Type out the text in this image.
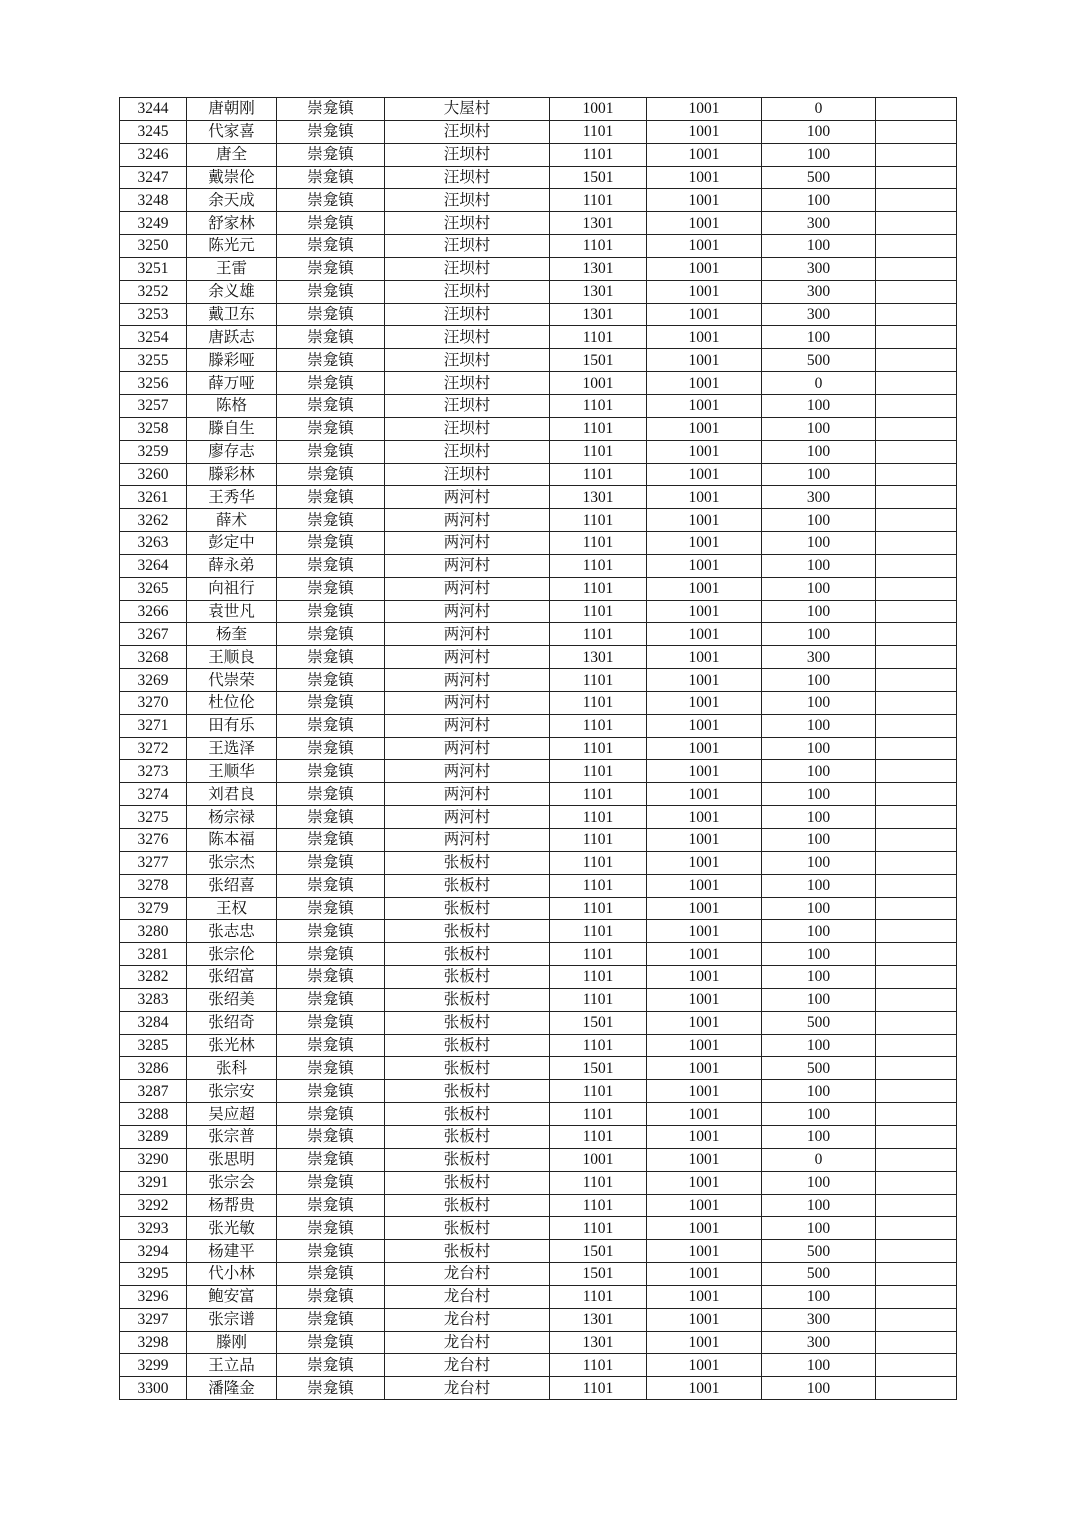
3244	唐朝刚	崇龛镇	大屋村	1001	1001	0	
3245	代家喜	崇龛镇	汪坝村	1101	1001	100	
3246	唐全	崇龛镇	汪坝村	1101	1001	100	
3247	戴崇伦	崇龛镇	汪坝村	1501	1001	500	
3248	余天成	崇龛镇	汪坝村	1101	1001	100	
3249	舒家林	崇龛镇	汪坝村	1301	1001	300	
3250	陈光元	崇龛镇	汪坝村	1101	1001	100	
3251	王雷	崇龛镇	汪坝村	1301	1001	300	
3252	余义雄	崇龛镇	汪坝村	1301	1001	300	
3253	戴卫东	崇龛镇	汪坝村	1301	1001	300	
3254	唐跃志	崇龛镇	汪坝村	1101	1001	100	
3255	滕彩哑	崇龛镇	汪坝村	1501	1001	500	
3256	薛万哑	崇龛镇	汪坝村	1001	1001	0	
3257	陈格	崇龛镇	汪坝村	1101	1001	100	
3258	滕自生	崇龛镇	汪坝村	1101	1001	100	
3259	廖存志	崇龛镇	汪坝村	1101	1001	100	
3260	滕彩林	崇龛镇	汪坝村	1101	1001	100	
3261	王秀华	崇龛镇	两河村	1301	1001	300	
3262	薛术	崇龛镇	两河村	1101	1001	100	
3263	彭定中	崇龛镇	两河村	1101	1001	100	
3264	薛永弟	崇龛镇	两河村	1101	1001	100	
3265	向祖行	崇龛镇	两河村	1101	1001	100	
3266	袁世凡	崇龛镇	两河村	1101	1001	100	
3267	杨奎	崇龛镇	两河村	1101	1001	100	
3268	王顺良	崇龛镇	两河村	1301	1001	300	
3269	代崇荣	崇龛镇	两河村	1101	1001	100	
3270	杜位伦	崇龛镇	两河村	1101	1001	100	
3271	田有乐	崇龛镇	两河村	1101	1001	100	
3272	王选泽	崇龛镇	两河村	1101	1001	100	
3273	王顺华	崇龛镇	两河村	1101	1001	100	
3274	刘君良	崇龛镇	两河村	1101	1001	100	
3275	杨宗禄	崇龛镇	两河村	1101	1001	100	
3276	陈本福	崇龛镇	两河村	1101	1001	100	
3277	张宗杰	崇龛镇	张板村	1101	1001	100	
3278	张绍喜	崇龛镇	张板村	1101	1001	100	
3279	王权	崇龛镇	张板村	1101	1001	100	
3280	张志忠	崇龛镇	张板村	1101	1001	100	
3281	张宗伦	崇龛镇	张板村	1101	1001	100	
3282	张绍富	崇龛镇	张板村	1101	1001	100	
3283	张绍美	崇龛镇	张板村	1101	1001	100	
3284	张绍奇	崇龛镇	张板村	1501	1001	500	
3285	张光林	崇龛镇	张板村	1101	1001	100	
3286	张科	崇龛镇	张板村	1501	1001	500	
3287	张宗安	崇龛镇	张板村	1101	1001	100	
3288	吴应超	崇龛镇	张板村	1101	1001	100	
3289	张宗普	崇龛镇	张板村	1101	1001	100	
3290	张思明	崇龛镇	张板村	1001	1001	0	
3291	张宗会	崇龛镇	张板村	1101	1001	100	
3292	杨帮贵	崇龛镇	张板村	1101	1001	100	
3293	张光敏	崇龛镇	张板村	1101	1001	100	
3294	杨建平	崇龛镇	张板村	1501	1001	500	
3295	代小林	崇龛镇	龙台村	1501	1001	500	
3296	鲍安富	崇龛镇	龙台村	1101	1001	100	
3297	张宗谱	崇龛镇	龙台村	1301	1001	300	
3298	滕刚	崇龛镇	龙台村	1301	1001	300	
3299	王立品	崇龛镇	龙台村	1101	1001	100	
3300	潘隆金	崇龛镇	龙台村	1101	1001	100	
